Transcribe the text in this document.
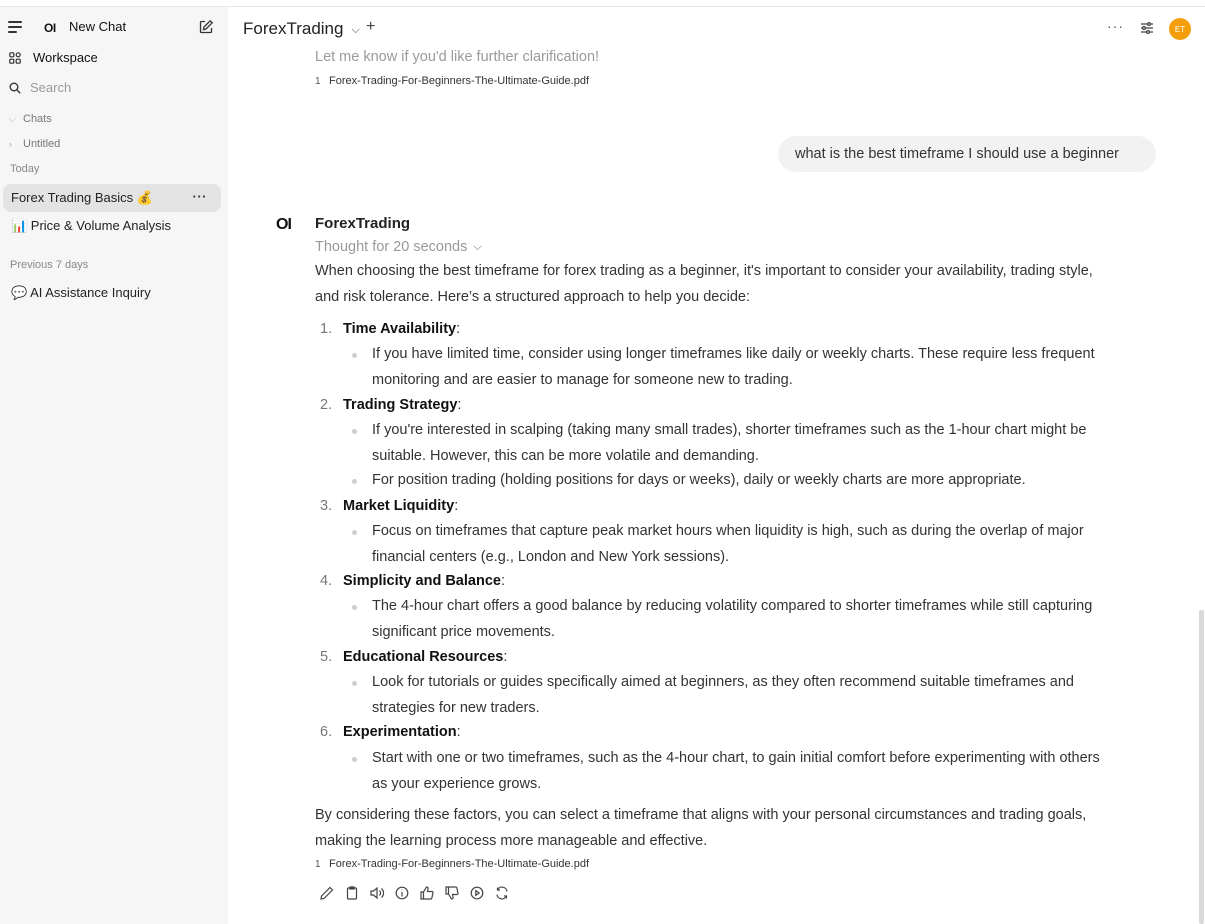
OI New Chat
Workspace
Search
⌵ Chats
›	Untitled
Today
Forex Trading Basics 💰	···
📊 Price & Volume Analysis
Previous 7 days
💬 AI Assistance Inquiry
ForexTrading ⌵ +	···	ET
Let me know if you'd like further clarification!
1 Forex-Trading-For-Beginners-The-Ultimate-Guide.pdf
what is the best timeframe I should use a beginner
OI ForexTrading
Thought for 20 seconds ⌵
When choosing the best timeframe for forex trading as a beginner, it's important to consider your availability, trading style,
and risk tolerance. Here’s a structured approach to help you decide:
1. Time Availability:
If you have limited time, consider using longer timeframes like daily or weekly charts. These require less frequent
monitoring and are easier to manage for someone new to trading.
2. Trading Strategy:
If you're interested in scalping (taking many small trades), shorter timeframes such as the 1-hour chart might be
suitable. However, this can be more volatile and demanding.
For position trading (holding positions for days or weeks), daily or weekly charts are more appropriate.
3. Market Liquidity:
Focus on timeframes that capture peak market hours when liquidity is high, such as during the overlap of major
financial centers (e.g., London and New York sessions).
4. Simplicity and Balance:
The 4-hour chart offers a good balance by reducing volatility compared to shorter timeframes while still capturing
significant price movements.
5. Educational Resources:
Look for tutorials or guides specifically aimed at beginners, as they often recommend suitable timeframes and
strategies for new traders.
6. Experimentation:
Start with one or two timeframes, such as the 4-hour chart, to gain initial comfort before experimenting with others
as your experience grows.
By considering these factors, you can select a timeframe that aligns with your personal circumstances and trading goals,
making the learning process more manageable and effective.
1 Forex-Trading-For-Beginners-The-Ultimate-Guide.pdf
